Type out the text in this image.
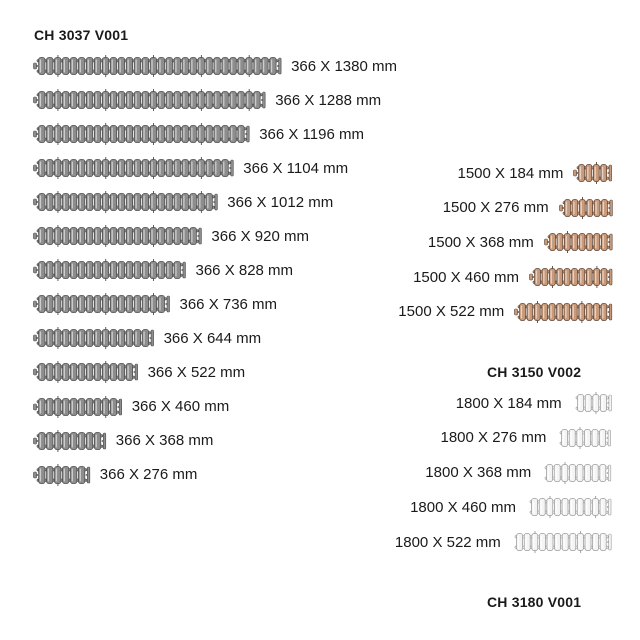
CH 3037 V001
366 X 1380 mm
366 X 1288 mm
366 X 1196 mm
366 X 1104 mm
366 X 1012 mm
366 X 920 mm
366 X 828 mm
366 X 736 mm
366 X 644 mm
366 X 522 mm
366 X 460 mm
366 X 368 mm
366 X 276 mm
1500 X 184 mm
1500 X 276 mm
1500 X 368 mm
1500 X 460 mm
1500 X 522 mm
CH 3150 V002
1800 X 184 mm
1800 X 276 mm
1800 X 368 mm
1800 X 460 mm
1800 X 522 mm
CH 3180 V001
